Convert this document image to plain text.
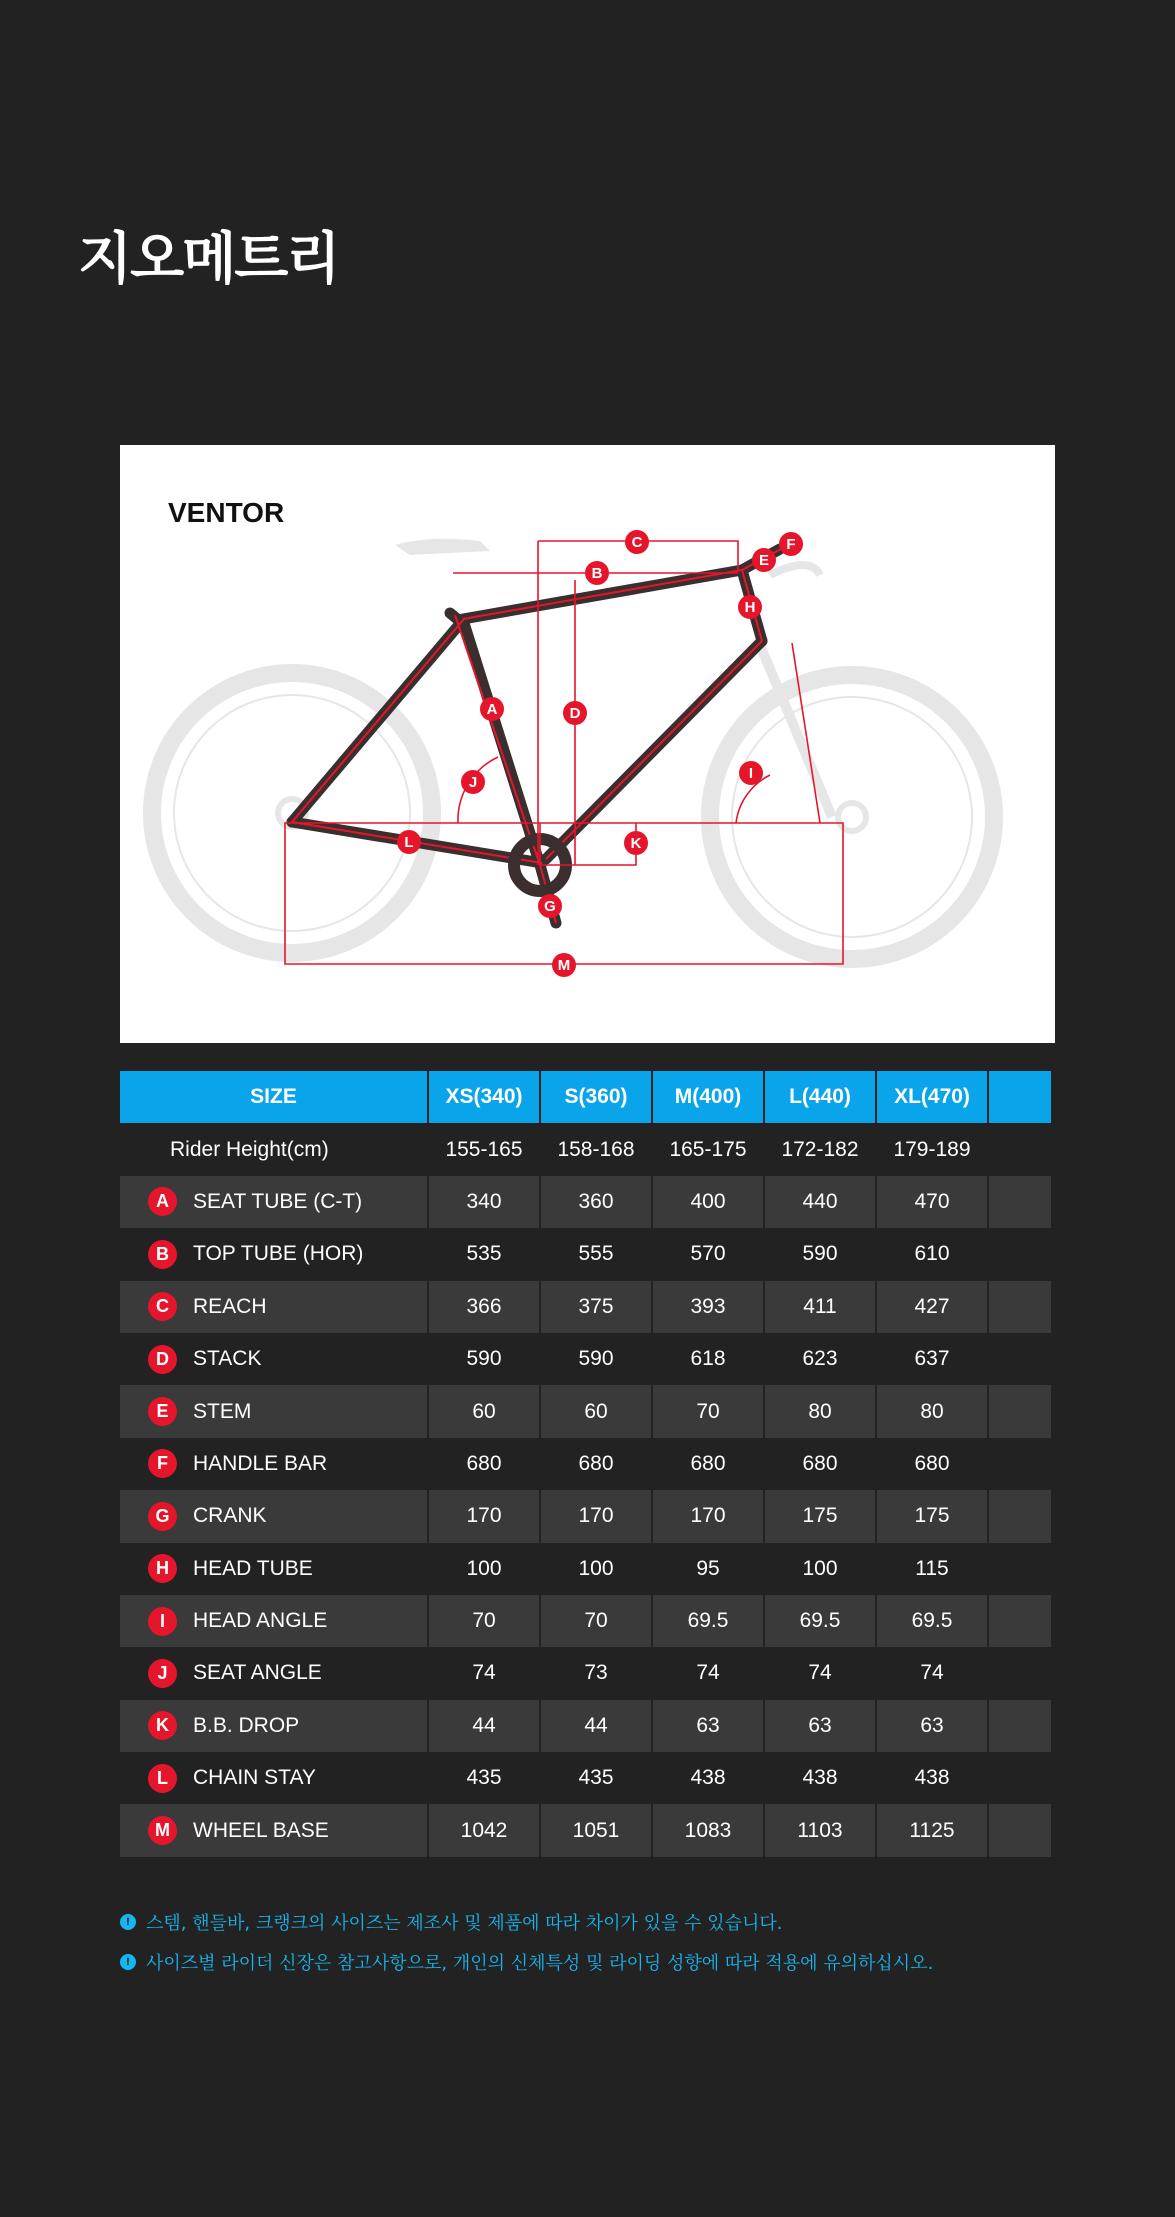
지오메트리
C
B
E
F
H
A	D
I
J
L	K
G
M
VENTOR
SIZE	XS(340)	S(360)	M(400)	L(440)	XL(470)
Rider Height(cm)	155-165	158-168	165-175	172-182	179-189
A	SEAT TUBE (C-T)	340	360	400	440	470
B	TOP TUBE (HOR)	535	555	570	590	610
C	REACH	366	375	393	411	427
D	STACK	590	590	618	623	637
E	STEM	60	60	70	80	80
F	HANDLE BAR	680	680	680	680	680
G	CRANK	170	170	170	175	175
H	HEAD TUBE	100	100	95	100	115
I	HEAD ANGLE	70	70	69.5	69.5	69.5
J	SEAT ANGLE	74	73	74	74	74
K	B.B. DROP	44	44	63	63	63
L	CHAIN STAY	435	435	438	438	438
M	WHEEL BASE	1042	1051	1083	1103	1125
! 스템, 핸들바, 크랭크의 사이즈는 제조사 및 제품에 따라 차이가 있을 수 있습니다.
! 사이즈별 라이더 신장은 참고사항으로, 개인의 신체특성 및 라이딩 성향에 따라 적용에 유의하십시오.
